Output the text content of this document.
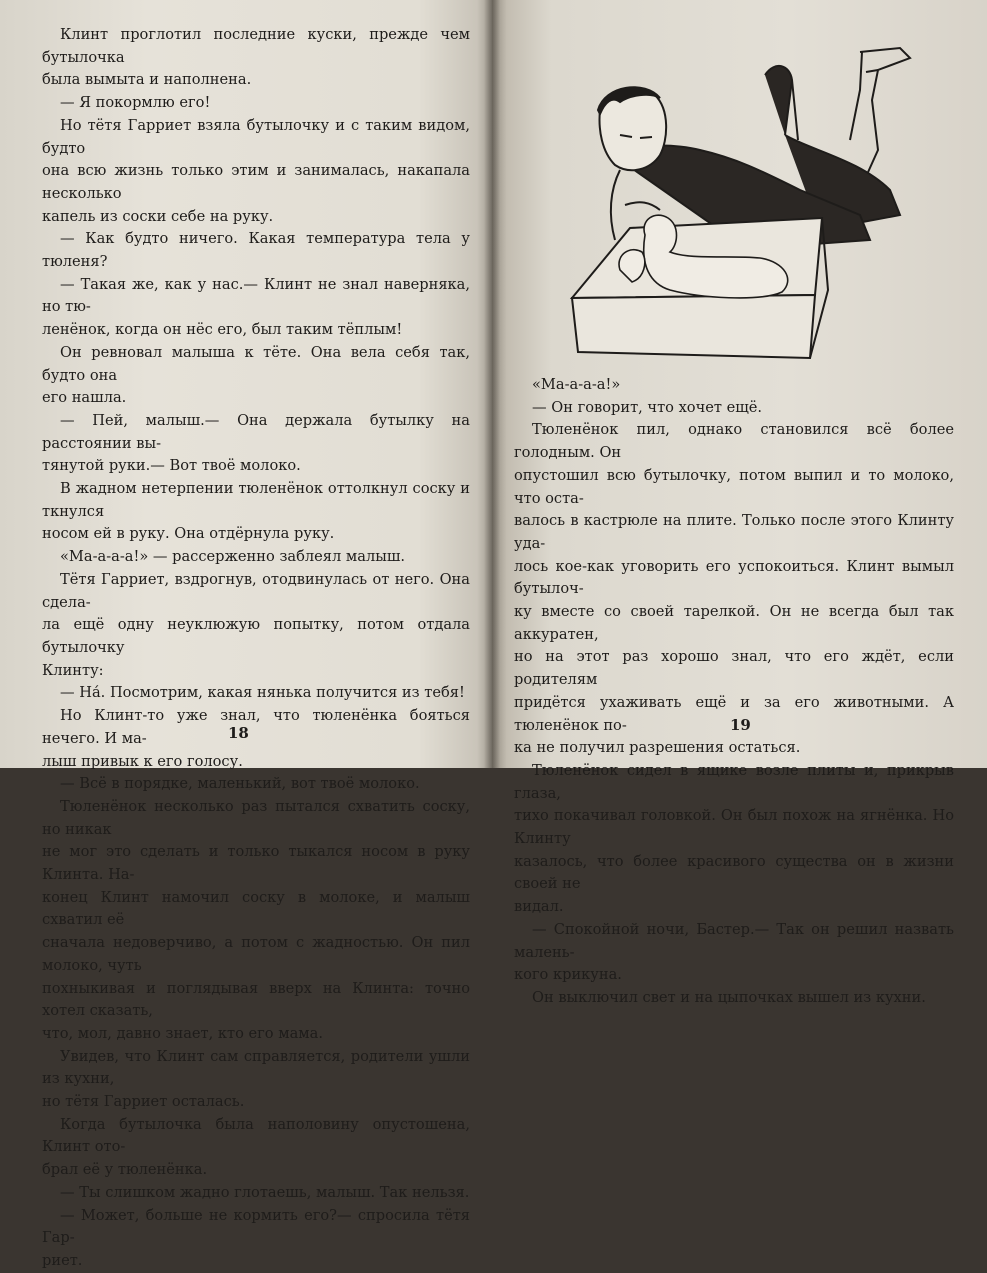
Клинт проглотил последние куски, прежде чем бутылочка

была вымыта и наполнена.

— Я покормлю его!

Но тётя Гарриет взяла бутылочку и с таким видом, будто

она всю жизнь только этим и занималась, накапала несколько

капель из соски себе на руку.

— Как будто ничего. Какая температура тела у тюленя?

— Такая же, как у нас.— Клинт не знал наверняка, но тю-

ленёнок, когда он нёс его, был таким тёплым!

Он ревновал малыша к тёте. Она вела себя так, будто она

его нашла.

— Пей, малыш.— Она держала бутылку на расстоянии вы-

тянутой руки.— Вот твоё молоко.

В жадном нетерпении тюленёнок оттолкнул соску и ткнулся

носом ей в руку. Она отдёрнула руку.

«Ма-а-а-а!» — рассерженно заблеял малыш.

Тётя Гарриет, вздрогнув, отодвинулась от него. Она сдела-

ла ещё одну неуклюжую попытку, потом отдала бутылочку

Клинту:

— На́. Посмотрим, какая нянька получится из тебя!

Но Клинт-то уже знал, что тюленёнка бояться нечего. И ма-

лыш привык к его голосу.

— Всё в порядке, маленький, вот твоё молоко.

Тюленёнок несколько раз пытался схватить соску, но никак

не мог это сделать и только тыкался носом в руку Клинта. На-

конец Клинт намочил соску в молоке, и малыш схватил её

сначала недоверчиво, а потом с жадностью. Он пил молоко, чуть

похныкивая и поглядывая вверх на Клинта: точно хотел сказать,

что, мол, давно знает, кто его мама.

Увидев, что Клинт сам справляется, родители ушли из кухни,

но тётя Гарриет осталась.

Когда бутылочка была наполовину опустошена, Клинт ото-

брал её у тюленёнка.

— Ты слишком жадно глотаешь, малыш. Так нельзя.

— Может, больше не кормить его?— спросила тётя Гар-

риет.

18

«Ма-а-а-а!»

— Он говорит, что хочет ещё.

Тюленёнок пил, однако становился всё более голодным. Он

опустошил всю бутылочку, потом выпил и то молоко, что оста-

валось в кастрюле на плите. Только после этого Клинту уда-

лось кое-как уговорить его успокоиться. Клинт вымыл бутылоч-

ку вместе со своей тарелкой. Он не всегда был так аккуратен,

но на этот раз хорошо знал, что его ждёт, если родителям

придётся ухаживать ещё и за его животными. А тюленёнок по-

ка не получил разрешения остаться.

Тюленёнок сидел в ящике возле плиты и, прикрыв глаза,

тихо покачивал головкой. Он был похож на ягнёнка. Но Клинту

казалось, что более красивого существа он в жизни своей не

видал.

— Спокойной ночи, Бастер.— Так он решил назвать малень-

кого крикуна.

Он выключил свет и на цыпочках вышел из кухни.

19
